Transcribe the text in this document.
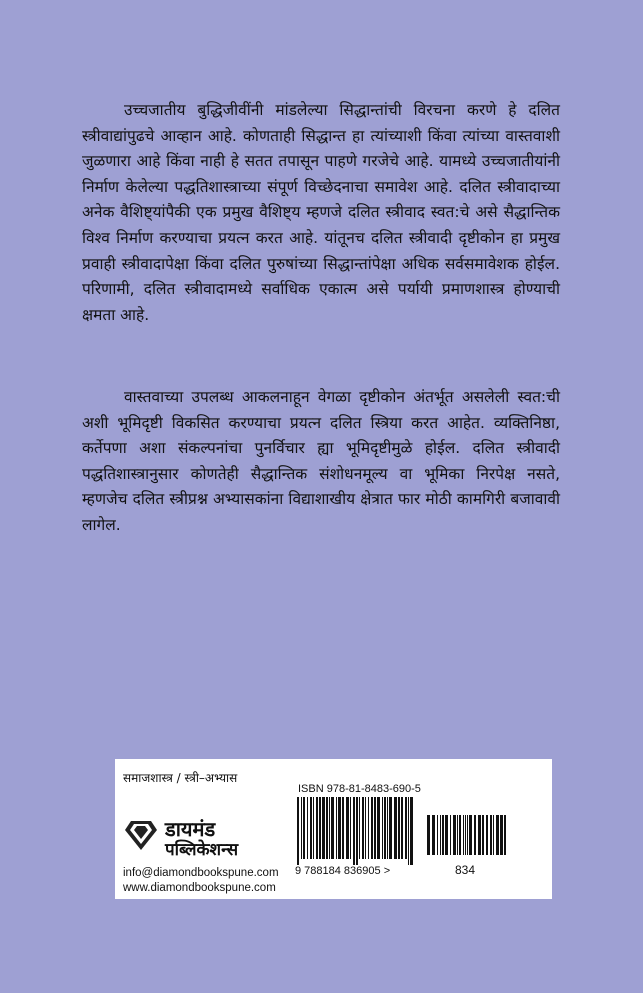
उच्चजातीय बुद्धिजीवींनी मांडलेल्या सिद्धान्तांची विरचना करणे हे दलित स्त्रीवाद्यांपुढचे आव्हान आहे. कोणताही सिद्धान्त हा त्यांच्याशी किंवा त्यांच्या वास्तवाशी जुळणारा आहे किंवा नाही हे सतत तपासून पाहणे गरजेचे आहे. यामध्ये उच्चजातीयांनी निर्माण केलेल्या पद्धतिशास्त्राच्या संपूर्ण विच्छेदनाचा समावेश आहे. दलित स्त्रीवादाच्या अनेक वैशिष्ट्यांपैकी एक प्रमुख वैशिष्ट्य म्हणजे दलित स्त्रीवाद स्वत:चे असे सैद्धान्तिक विश्व निर्माण करण्याचा प्रयत्न करत आहे. यांतूनच दलित स्त्रीवादी दृष्टीकोन हा प्रमुख प्रवाही स्त्रीवादापेक्षा किंवा दलित पुरुषांच्या सिद्धान्तांपेक्षा अधिक सर्वसमावेशक होईल. परिणामी, दलित स्त्रीवादामध्ये सर्वाधिक एकात्म असे पर्यायी प्रमाणशास्त्र होण्याची क्षमता आहे.

वास्तवाच्या उपलब्ध आकलनाहून वेगळा दृष्टीकोन अंतर्भूत असलेली स्वत:ची अशी भूमिदृष्टी विकसित करण्याचा प्रयत्न दलित स्त्रिया करत आहेत. व्यक्तिनिष्ठा, कर्तेपणा अशा संकल्पनांचा पुनर्विचार ह्या भूमिदृष्टीमुळे होईल. दलित स्त्रीवादी पद्धतिशास्त्रानुसार कोणतेही सैद्धान्तिक संशोधनमूल्य वा भूमिका निरपेक्ष नसते, म्हणजेच दलित स्त्रीप्रश्न अभ्यासकांना विद्याशाखीय क्षेत्रात फार मोठी कामगिरी बजावावी लागेल.

समाजशास्त्र / स्त्री–अभ्यास
डायमंड
पब्लिकेशन्स
info@diamondbookspune.com
www.diamondbookspune.com
ISBN 978-81-8483-690-5
9 788184 836905 >	834
